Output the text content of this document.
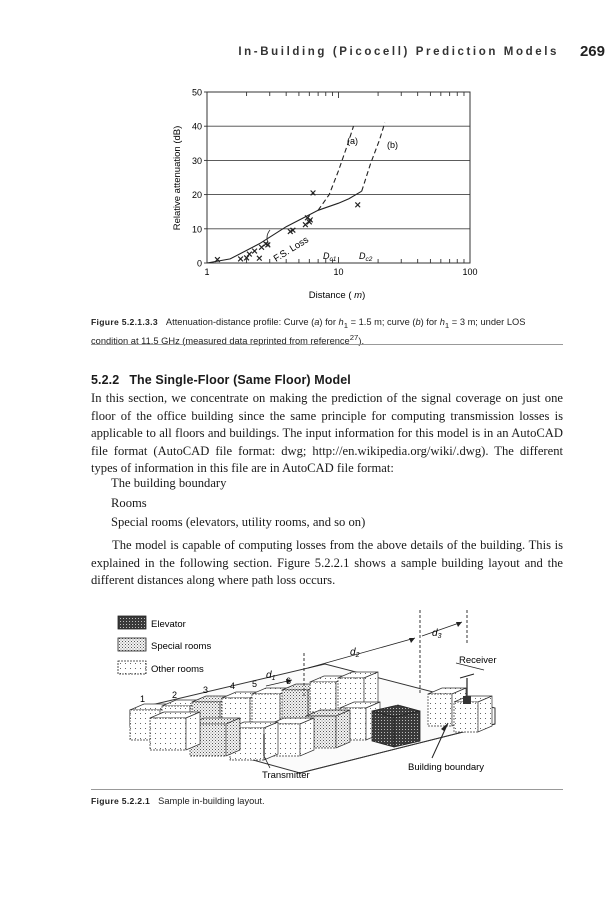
In-Building (Picocell) Prediction Models 269
0
10
20
30
40
50
1	10	100
Distance ( m)
Relative attenuation (dB)	(a)	(b)
F.S. Loss $D_{c1}$	$D_{c2}$
Figure 5.2.1.3.3 Attenuation-distance profile: Curve (a) for $h_1 = 1.5$ m; curve (b) for $h_1 = 3$ m; under LOS condition at 11.5 GHz (measured data reprinted from reference$^{27}$).
5.2.2 The Single-Floor (Same Floor) Model
In this section, we concentrate on making the prediction of the signal coverage on just one floor of the office building since the same principle for computing transmission losses is applicable to all floors and buildings. The input information for this model is in an AutoCAD file format (AutoCAD file format: dwg; http://en.wikipedia.org/wiki/.dwg). The different types of information in this file are in AutoCAD file format:
The building boundary
Rooms
Special rooms (elevators, utility rooms, and so on)
The model is capable of computing losses from the above details of the building. This is explained in the following section. Figure 5.2.2.1 shows a sample building layout and the different distances along where path loss occurs.
Elevator
Special rooms
Other rooms
Receiver
Transmitter
Building boundary
$d_1$
$d_2$
$d_3$
1	2	3 4 5	6
Figure 5.2.2.1 Sample in-building layout.
